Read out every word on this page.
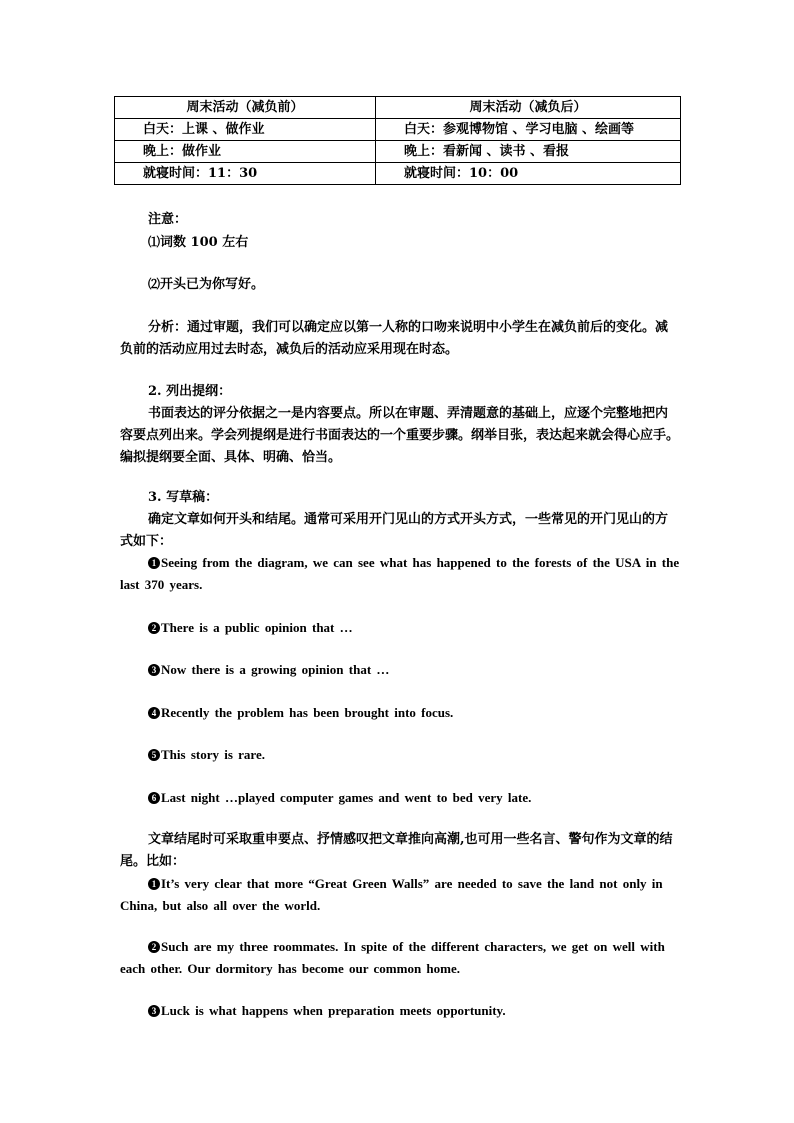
周末活动（减负前）	周末活动（减负后）
白天：上课 、做作业	白天：参观博物馆 、学习电脑 、绘画等
晚上：做作业	晚上：看新闻 、读书 、看报
就寝时间：11：30	就寝时间：10：00
注意：
⑴词数 100 左右
⑵开头已为你写好。
分析：通过审题，我们可以确定应以第一人称的口吻来说明中小学生在减负前后的变化。减负前的活动应用过去时态，减负后的活动应采用现在时态。
2. 列出提纲：
书面表达的评分依据之一是内容要点。所以在审题、弄清题意的基础上，应逐个完整地把内容要点列出来。学会列提纲是进行书面表达的一个重要步骤。纲举目张，表达起来就会得心应手。编拟提纲要全面、具体、明确、恰当。
3. 写草稿：
确定文章如何开头和结尾。通常可采用开门见山的方式开头方式，一些常见的开门见山的方式如下：
1 Seeing from the diagram, we can see what has happened to the forests of the USA in the last 370 years.
2 There is a public opinion that …
3 Now there is a growing opinion that …
4 Recently the problem has been brought into focus.
5 This story is rare.
6 Last night …played computer games and went to bed very late.
文章结尾时可采取重申要点、抒情感叹把文章推向高潮,也可用一些名言、警句作为文章的结尾。比如：
1 It’s very clear that more “Great Green Walls” are needed to save the land not only in China, but also all over the world.
2 Such are my three roommates. In spite of the different characters, we get on well with each other. Our dormitory has become our common home.
3 Luck is what happens when preparation meets opportunity.
